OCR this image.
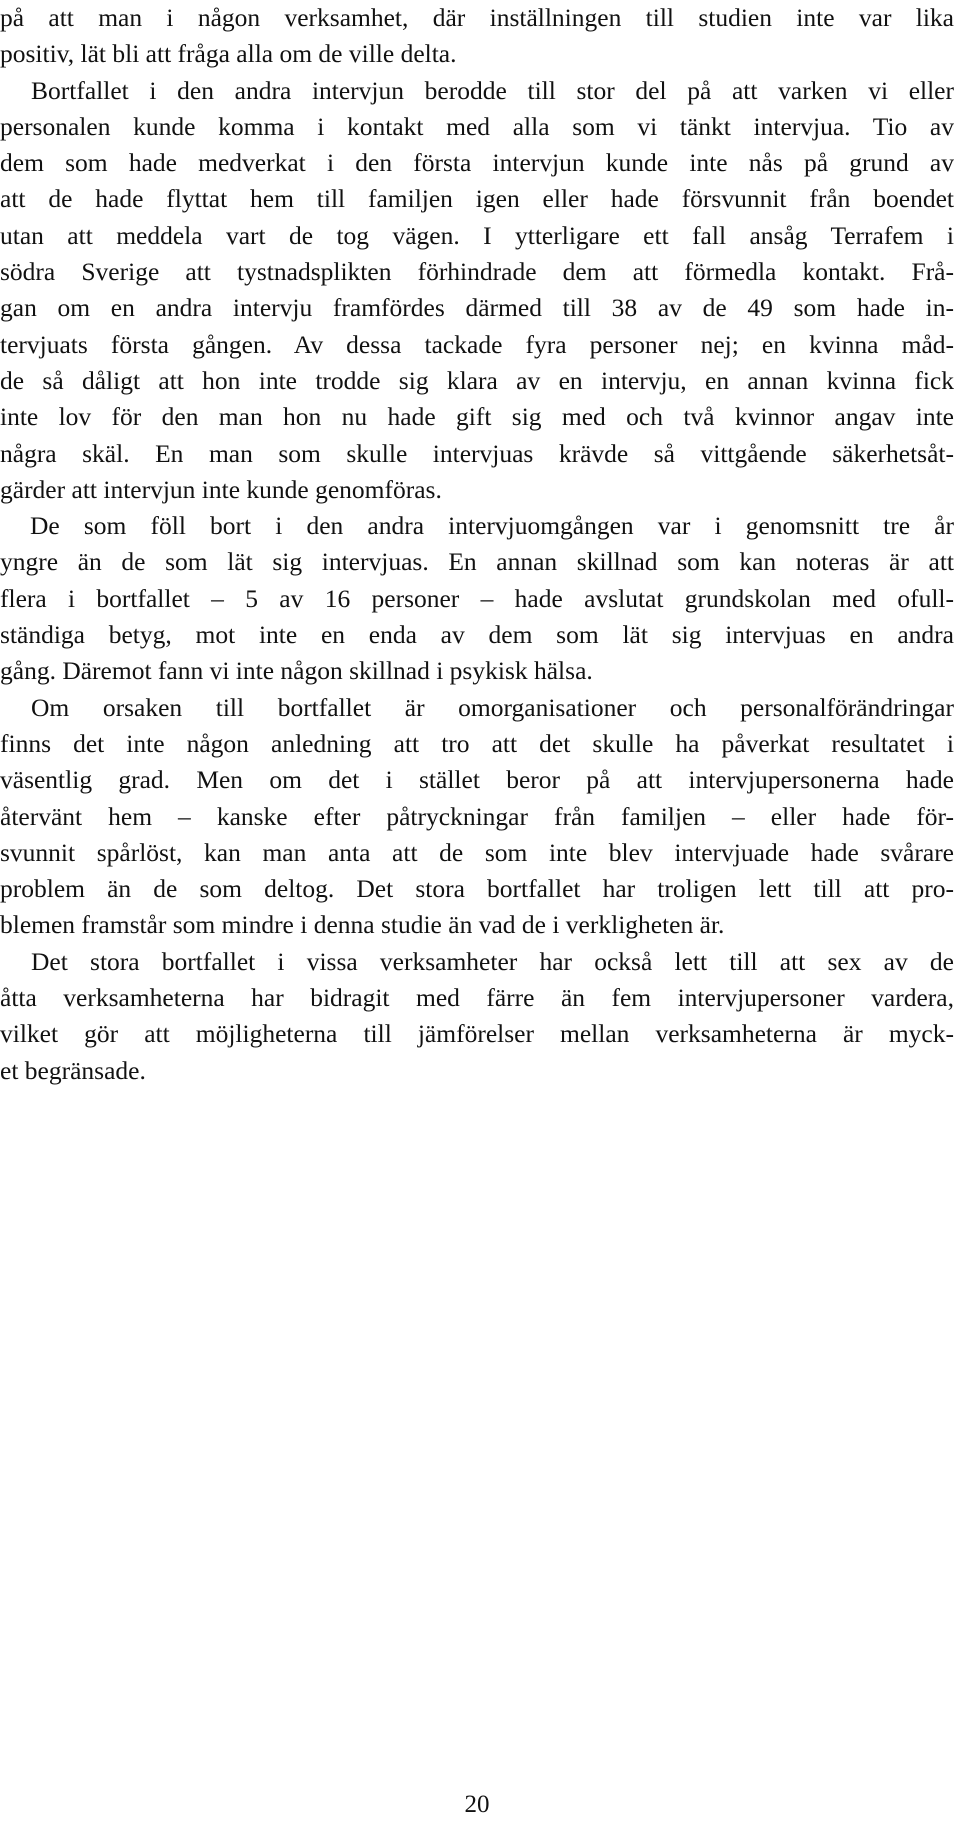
på att man i någon verksamhet, där inställningen till studien inte var lika
positiv, lät bli att fråga alla om de ville delta.
Bortfallet i den andra intervjun berodde till stor del på att varken vi eller
personalen kunde komma i kontakt med alla som vi tänkt intervjua. Tio av
dem som hade medverkat i den första intervjun kunde inte nås på grund av
att de hade flyttat hem till familjen igen eller hade försvunnit från boendet
utan att meddela vart de tog vägen. I ytterligare ett fall ansåg Terrafem i
södra Sverige att tystnadsplikten förhindrade dem att förmedla kontakt. Frå-
gan om en andra intervju framfördes därmed till 38 av de 49 som hade in-
tervjuats första gången. Av dessa tackade fyra personer nej; en kvinna måd-
de så dåligt att hon inte trodde sig klara av en intervju, en annan kvinna fick
inte lov för den man hon nu hade gift sig med och två kvinnor angav inte
några skäl. En man som skulle intervjuas krävde så vittgående säkerhetsåt-
gärder att intervjun inte kunde genomföras.
De som föll bort i den andra intervjuomgången var i genomsnitt tre år
yngre än de som lät sig intervjuas. En annan skillnad som kan noteras är att
flera i bortfallet – 5 av 16 personer – hade avslutat grundskolan med ofull-
ständiga betyg, mot inte en enda av dem som lät sig intervjuas en andra
gång. Däremot fann vi inte någon skillnad i psykisk hälsa.
Om orsaken till bortfallet är omorganisationer och personalförändringar
finns det inte någon anledning att tro att det skulle ha påverkat resultatet i
väsentlig grad. Men om det i stället beror på att intervjupersonerna hade
återvänt hem – kanske efter påtryckningar från familjen – eller hade för-
svunnit spårlöst, kan man anta att de som inte blev intervjuade hade svårare
problem än de som deltog. Det stora bortfallet har troligen lett till att pro-
blemen framstår som mindre i denna studie än vad de i verkligheten är.
Det stora bortfallet i vissa verksamheter har också lett till att sex av de
åtta verksamheterna har bidragit med färre än fem intervjupersoner vardera,
vilket gör att möjligheterna till jämförelser mellan verksamheterna är myck-
et begränsade.
20
